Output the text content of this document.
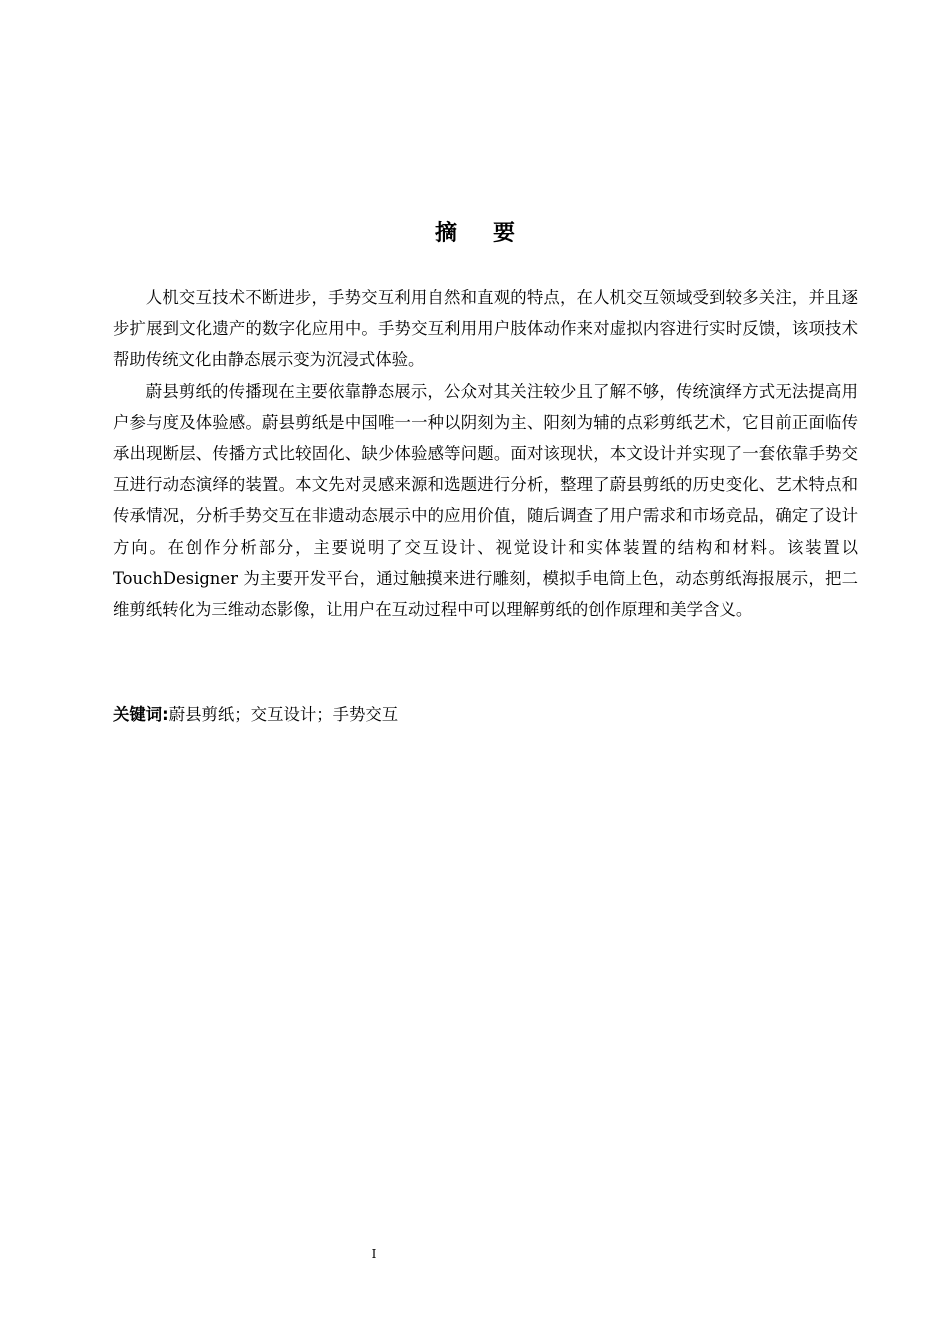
摘 要

人机交互技术不断进步，手势交互利用自然和直观的特点，在人机交互领域受到较多关注，并且逐步扩展到文化遗产的数字化应用中。手势交互利用用户肢体动作来对虚拟内容进行实时反馈，该项技术帮助传统文化由静态展示变为沉浸式体验。

蔚县剪纸的传播现在主要依靠静态展示，公众对其关注较少且了解不够，传统演绎方式无法提高用户参与度及体验感。蔚县剪纸是中国唯一一种以阴刻为主、阳刻为辅的点彩剪纸艺术，它目前正面临传承出现断层、传播方式比较固化、缺少体验感等问题。面对该现状，本文设计并实现了一套依靠手势交互进行动态演绎的装置。本文先对灵感来源和选题进行分析，整理了蔚县剪纸的历史变化、艺术特点和传承情况，分析手势交互在非遗动态展示中的应用价值，随后调查了用户需求和市场竞品，确定了设计方向。在创作分析部分，主要说明了交互设计、视觉设计和实体装置的结构和材料。该装置以 TouchDesigner 为主要开发平台，通过触摸来进行雕刻，模拟手电筒上色，动态剪纸海报展示，把二维剪纸转化为三维动态影像，让用户在互动过程中可以理解剪纸的创作原理和美学含义。

关键词:蔚县剪纸；交互设计；手势交互
I
